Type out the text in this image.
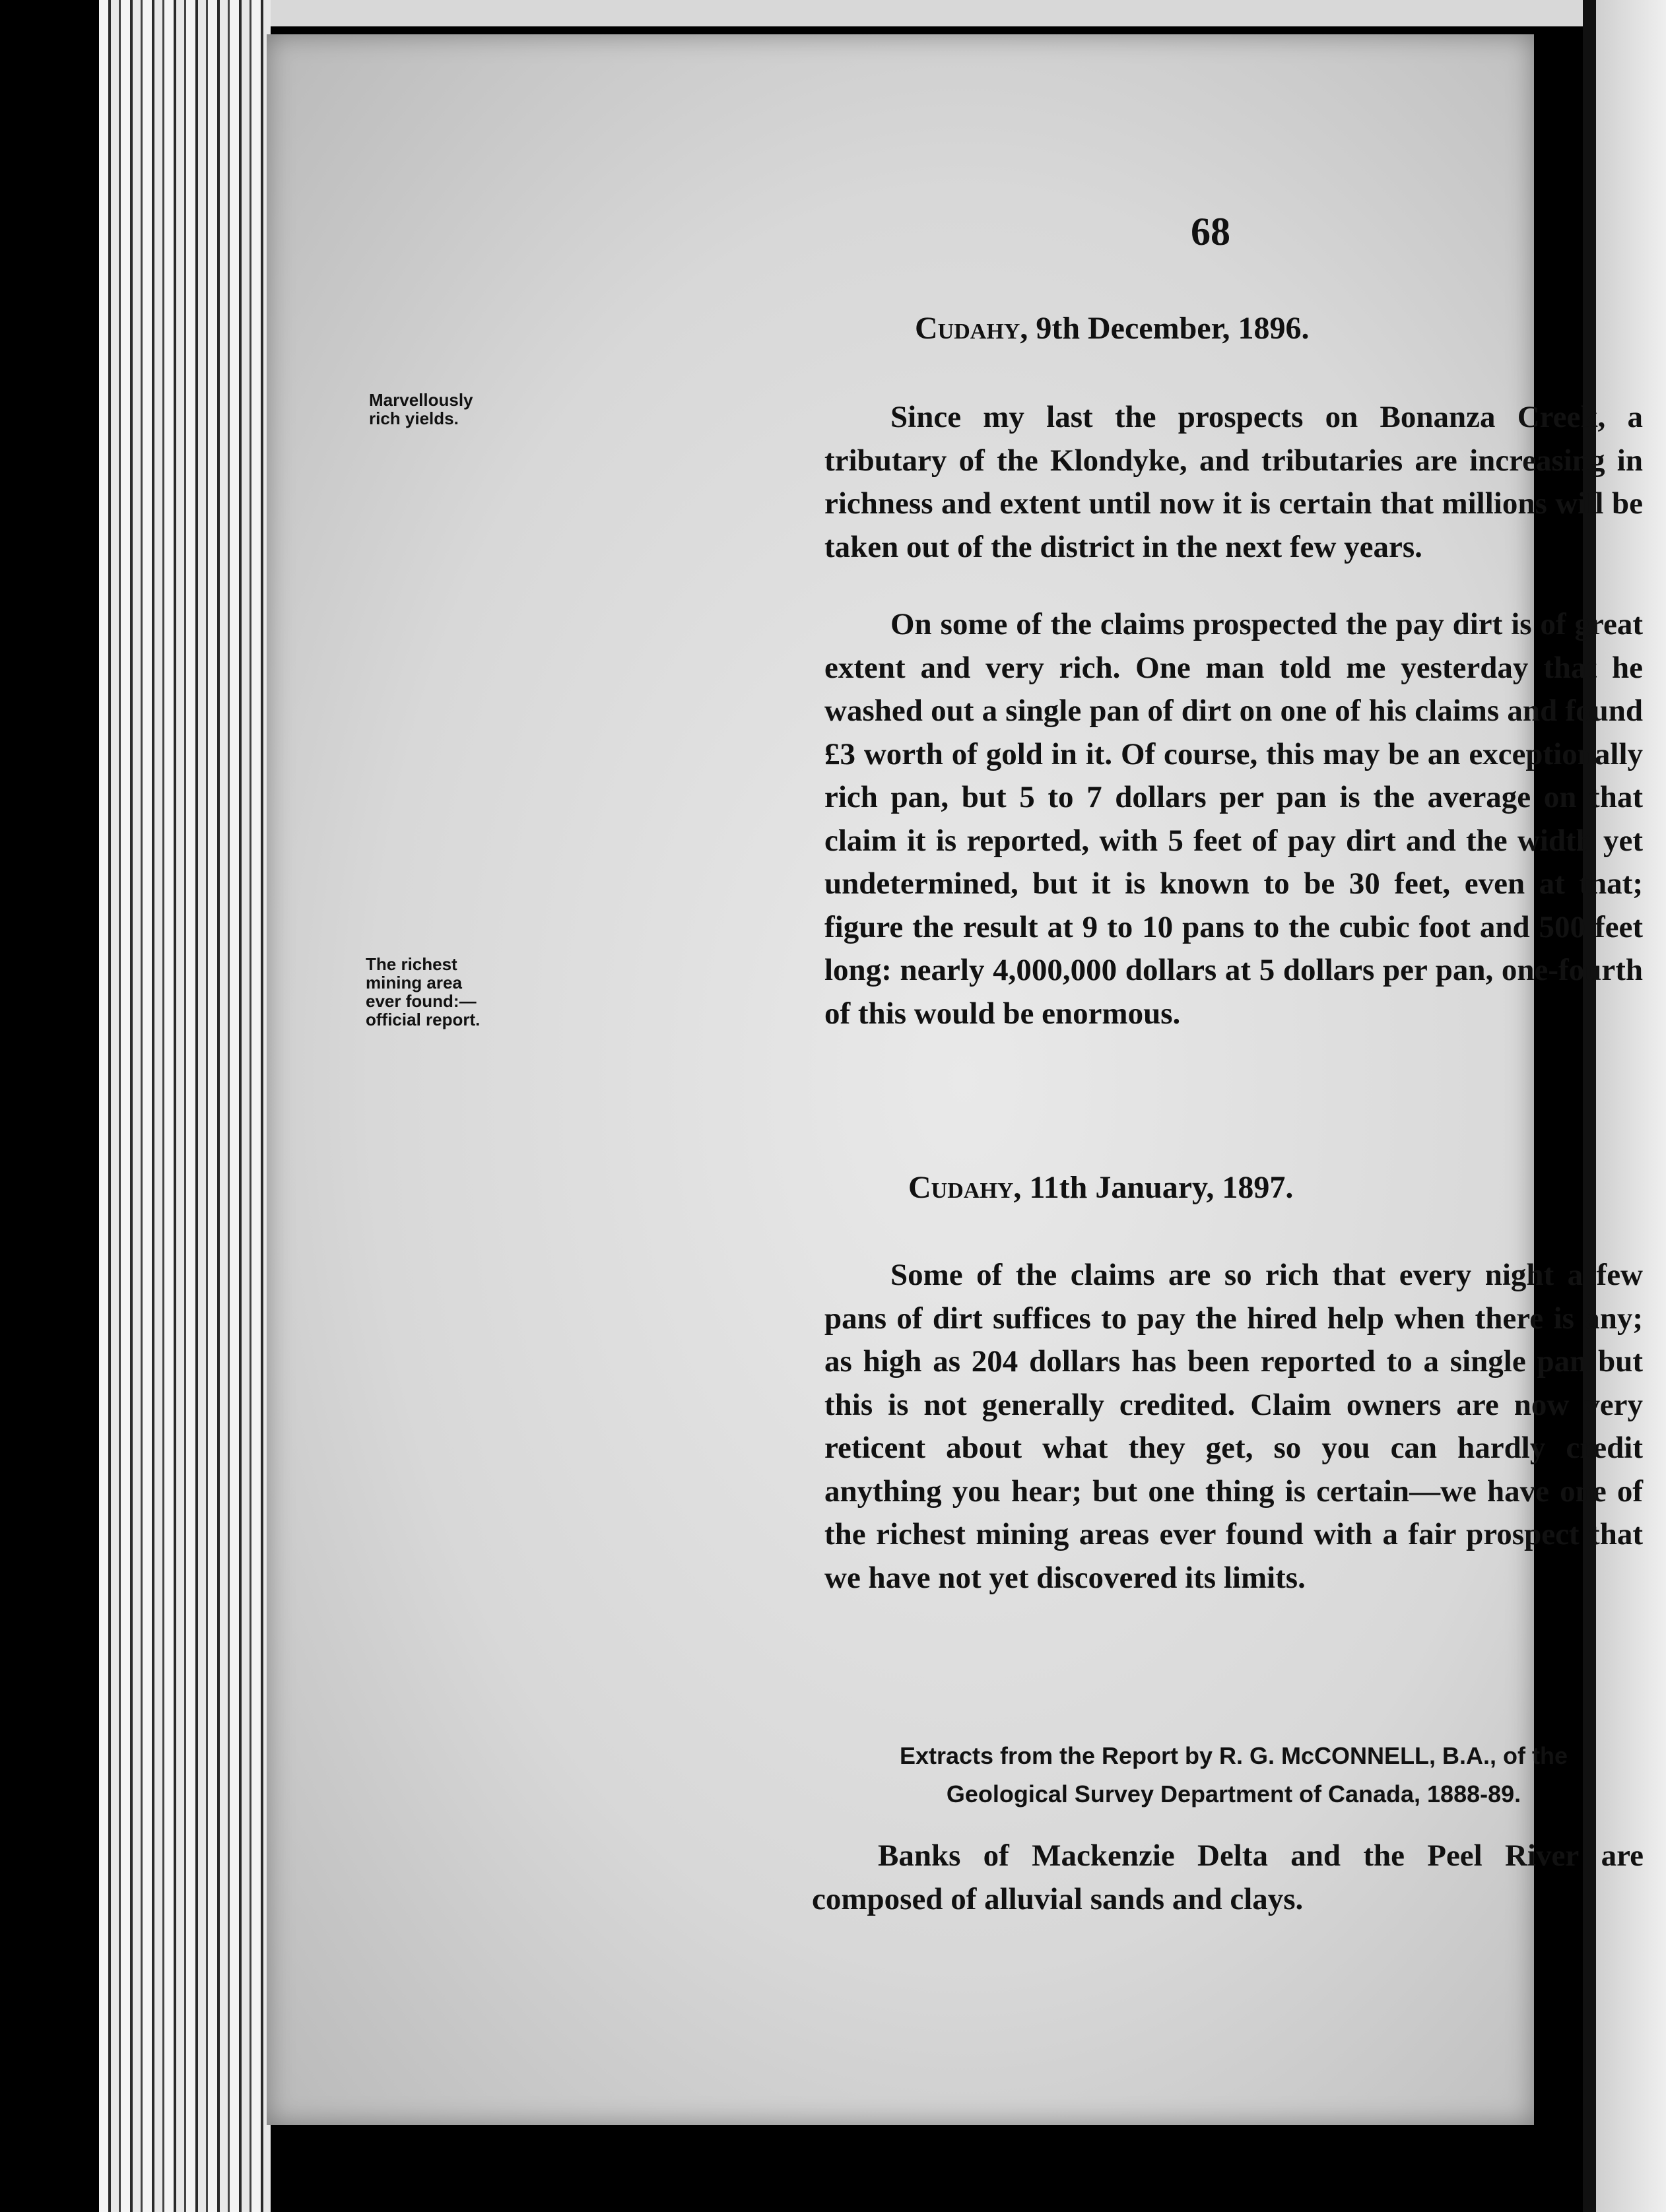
68
Cudahy, 9th December, 1896.
Marvellously
rich yields.	Since my last the prospects on Bonanza Creek, a tributary of the Klondyke, and tributaries are increasing in richness and extent until now it is certain that millions will be taken out of the district in the next few years.

On some of the claims prospected the pay dirt is of great extent and very rich. One man told me yesterday that he washed out a single pan of dirt on one of his claims and found £3 worth of gold in it. Of course, this may be an exceptionally rich pan, but 5 to 7 dollars per pan is the average on that claim it is reported, with 5 feet of pay dirt and the width yet undetermined, but it is known to be 30 feet, even at that; figure the result at 9 to 10 pans to the cubic foot and 500 feet long: nearly 4,000,000 dollars at 5 dollars per pan, one-fourth of this would be enormous.

The richest
mining area
ever found:—
official report.
Cudahy, 11th January, 1897.

Some of the claims are so rich that every night a few pans of dirt suffices to pay the hired help when there is any; as high as 204 dollars has been reported to a single pan but this is not generally credited. Claim owners are now very reticent about what they get, so you can hardly credit anything you hear; but one thing is certain—we have one of the richest mining areas ever found with a fair prospect that we have not yet discovered its limits.

Extracts from the Report by R. G. McCONNELL, B.A., of the
Geological Survey Department of Canada, 1888-89.

Banks of Mackenzie Delta and the Peel River are composed of alluvial sands and clays.
